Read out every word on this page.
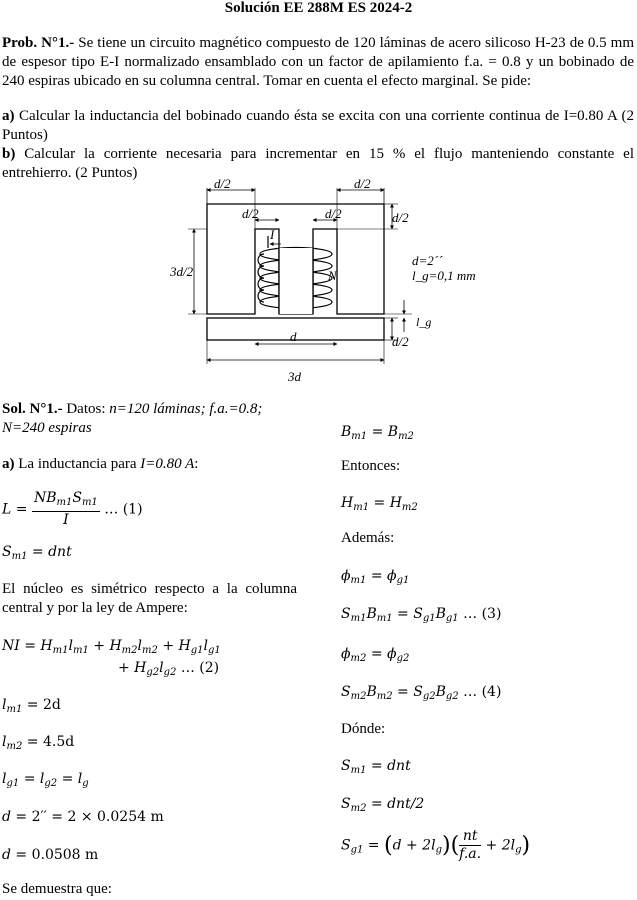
Solución EE 288M ES 2024-2
Prob. N°1.- Se tiene un circuito magnético compuesto de 120 láminas de acero silicoso H-23 de 0.5 mm de espesor tipo E-I normalizado ensamblado con un factor de apilamiento f.a. = 0.8 y un bobinado de 240 espiras ubicado en su columna central. Tomar en cuenta el efecto marginal. Se pide:
a) Calcular la inductancia del bobinado cuando ésta se excita con una corriente continua de I=0.80 A (2 Puntos)
b) Calcular la corriente necesaria para incrementar en 15 % el flujo manteniendo constante el entrehierro. (2 Puntos)
d/2	d/2
d/2	d/2	d/2
I
3d/2	N
d=2´´
l_g=0,1 mm
l_g
d/2
d
3d
Sol. N°1.- Datos: n=120 láminas; f.a.=0.8; N=240 espiras
a) La inductancia para I=0.80 A:
$L = \frac{NB_{m1}S_{m1}}{I}$ … (1)
$S_{m1}$ = dnt
El núcleo es simétrico respecto a la columna central y por la ley de Ampere:
NI = $H_{m1}l_{m1} + H_{m2}l_{m2} + H_{g1}l_{g1}$
+ $H_{g2}l_{g2}$ … (2)
$l_{m1} = 2d$
$l_{m2} = 4.5d$
$l_{g1} = l_{g2} = l_g$
d = 2′′ = 2 × 0.0254 m
d = 0.0508 m
Se demuestra que:
$B_{m1} = B_{m2}$
Entonces:
$H_{m1} = H_{m2}$
Además:
$\phi_{m1} = \phi_{g1}$
$S_{m1}B_{m1} = S_{g1}B_{g1}$ … (3)
$\phi_{m2} = \phi_{g2}$
$S_{m2}B_{m2} = S_{g2}B_{g2}$ … (4)
Dónde:
$S_{m1}$ = dnt
$S_{m2} = dnt/2$
$S_{g1} = (d + 2l_g)( \frac{nt}{f.a.} + 2l_g)$
